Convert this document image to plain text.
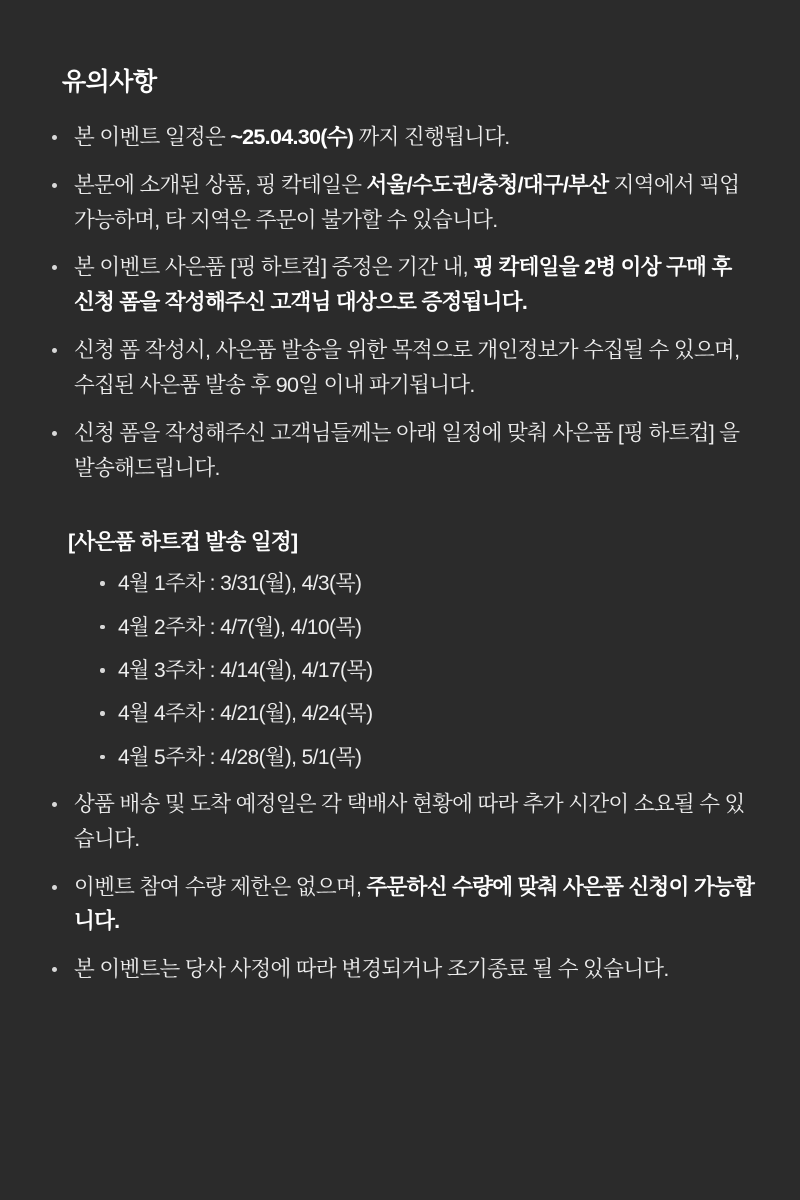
유의사항
본 이벤트 일정은 ~25.04.30(수) 까지 진행됩니다.
본문에 소개된 상품, 핑 칵테일은 서울/수도권/충청/대구/부산 지역에서 픽업 가능하며, 타 지역은 주문이 불가할 수 있습니다.
본 이벤트 사은품 [핑 하트컵] 증정은 기간 내, 핑 칵테일을 2병 이상 구매 후 신청 폼을 작성해주신 고객님 대상으로 증정됩니다.
신청 폼 작성시, 사은품 발송을 위한 목적으로 개인정보가 수집될 수 있으며, 수집된 사은품 발송 후 90일 이내 파기됩니다.
신청 폼을 작성해주신 고객님들께는 아래 일정에 맞춰 사은품 [핑 하트컵] 을 발송해드립니다.
[사은품 하트컵 발송 일정]
4월 1주차 : 3/31(월), 4/3(목)
4월 2주차 : 4/7(월), 4/10(목)
4월 3주차 : 4/14(월), 4/17(목)
4월 4주차 : 4/21(월), 4/24(목)
4월 5주차 : 4/28(월), 5/1(목)
상품 배송 및 도착 예정일은 각 택배사 현황에 따라 추가 시간이 소요될 수 있습니다.
이벤트 참여 수량 제한은 없으며, 주문하신 수량에 맞춰 사은품 신청이 가능합니다.
본 이벤트는 당사 사정에 따라 변경되거나 조기종료 될 수 있습니다.
